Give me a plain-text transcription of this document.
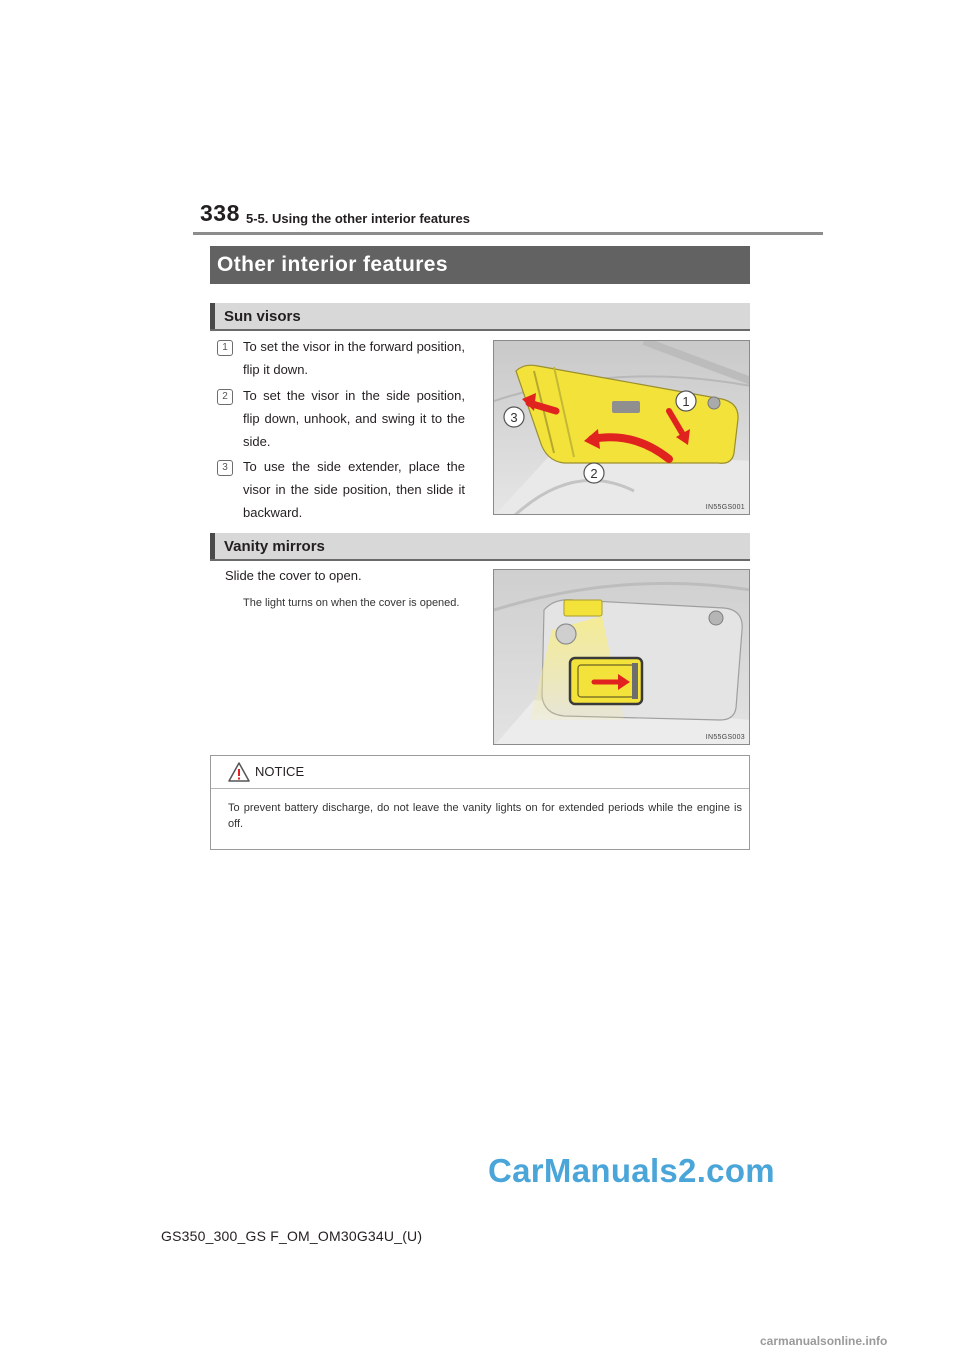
338 5-5. Using the other interior features
Other interior features
Sun visors
1	To set the visor in the forward position, flip it down.
2	To set the visor in the side position, flip down, unhook, and swing it to the side.
3	To use the side extender, place the visor in the side position, then slide it backward.
1
2
3
IN55GS001
Vanity mirrors
Slide the cover to open.
The light turns on when the cover is opened.
IN55GS003
NOTICE
To prevent battery discharge, do not leave the vanity lights on for extended periods while the engine is off.
CarManuals2.com
GS350_300_GS F_OM_OM30G34U_(U)
carmanualsonline.info
